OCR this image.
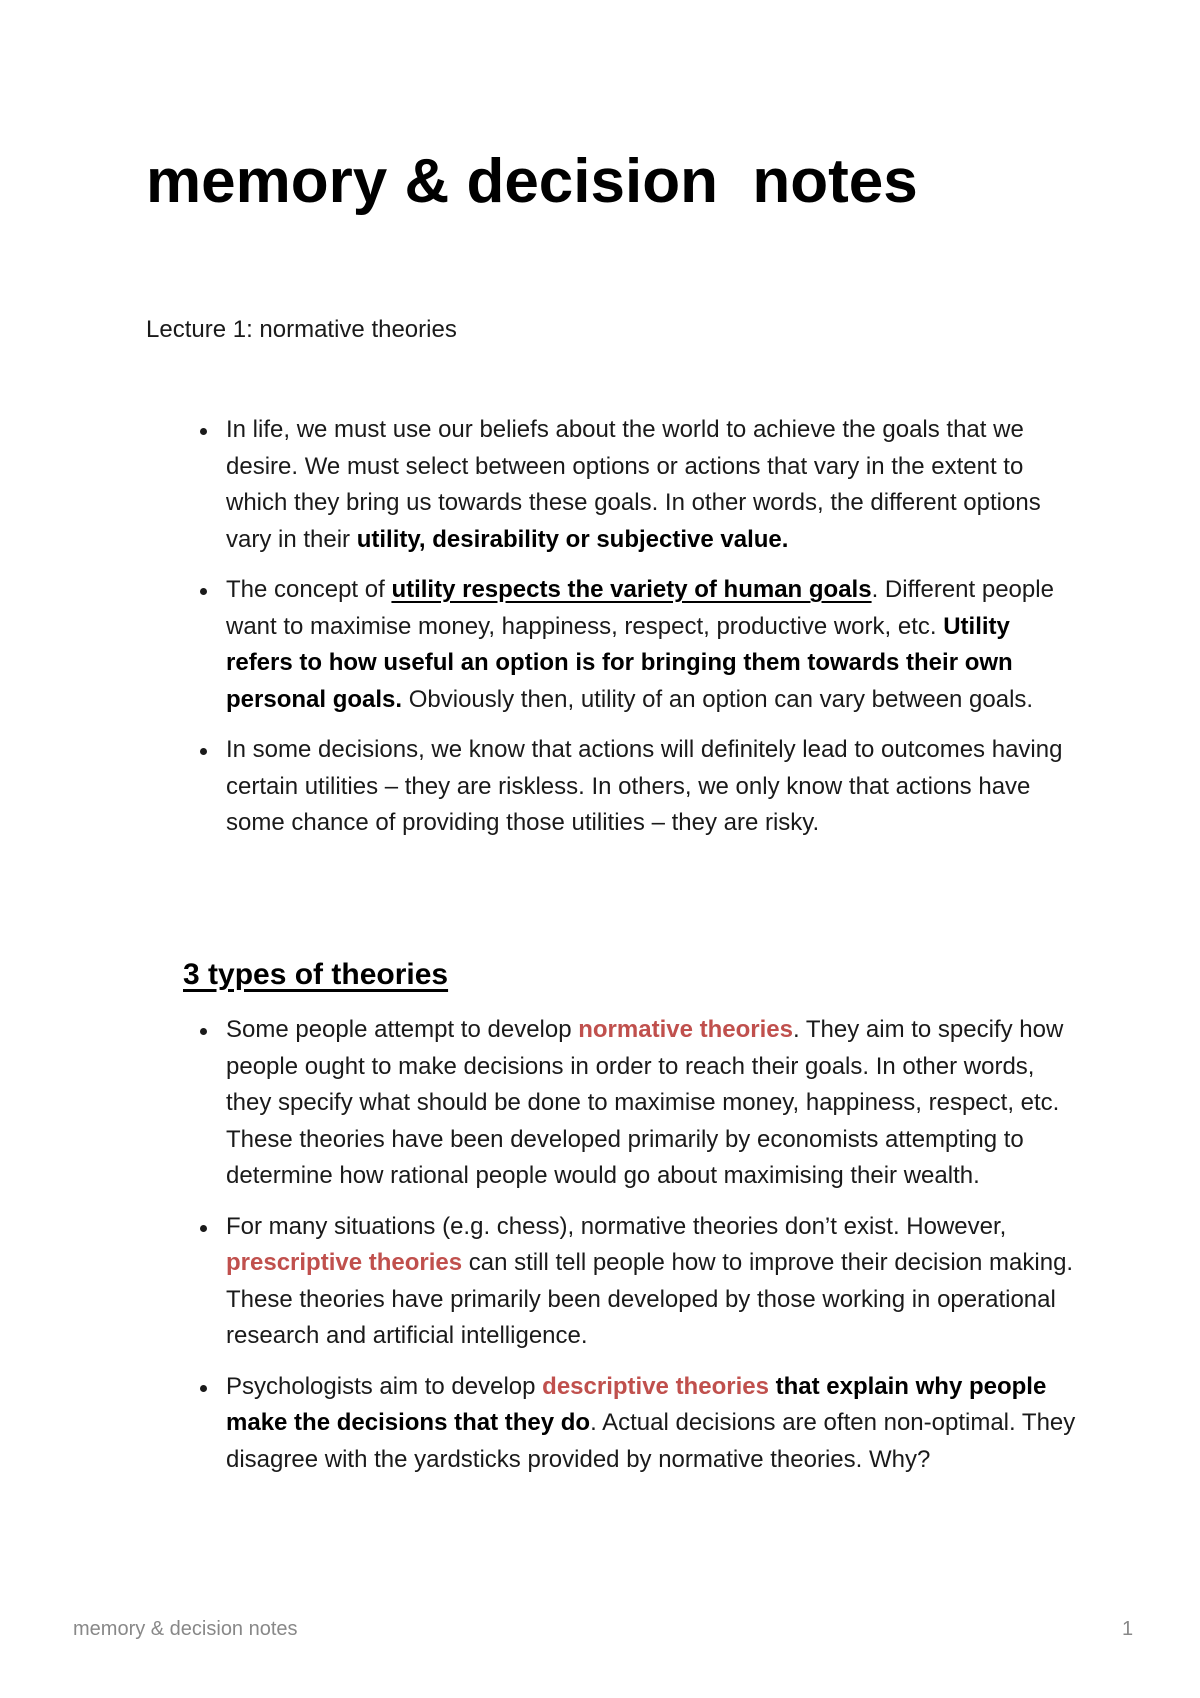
memory & decision  notes
Lecture 1: normative theories
In life, we must use our beliefs about the world to achieve the goals that we desire. We must select between options or actions that vary in the extent to which they bring us towards these goals. In other words, the different options vary in their utility, desirability or subjective value.
The concept of utility respects the variety of human goals. Different people want to maximise money, happiness, respect, productive work, etc. Utility refers to how useful an option is for bringing them towards their own personal goals. Obviously then, utility of an option can vary between goals.
In some decisions, we know that actions will definitely lead to outcomes having certain utilities – they are riskless. In others, we only know that actions have some chance of providing those utilities – they are risky.
3 types of theories
Some people attempt to develop normative theories. They aim to specify how people ought to make decisions in order to reach their goals. In other words, they specify what should be done to maximise money, happiness, respect, etc. These theories have been developed primarily by economists attempting to determine how rational people would go about maximising their wealth.
For many situations (e.g. chess), normative theories don’t exist. However, prescriptive theories can still tell people how to improve their decision making. These theories have primarily been developed by those working in operational research and artificial intelligence.
Psychologists aim to develop descriptive theories that explain why people make the decisions that they do. Actual decisions are often non-optimal. They disagree with the yardsticks provided by normative theories. Why?
memory & decision notes	1
